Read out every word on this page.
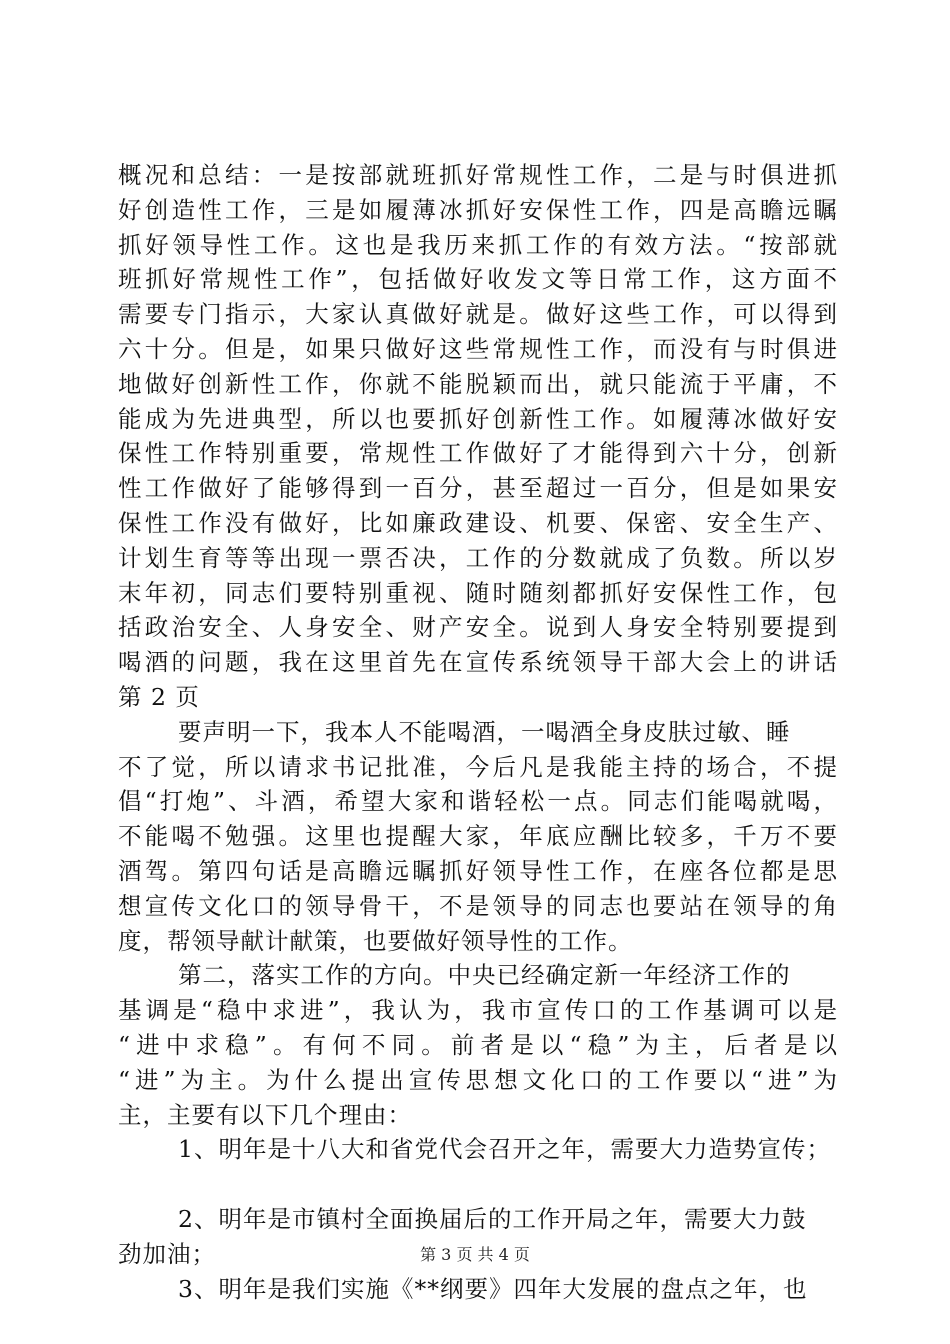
概况和总结：一是按部就班抓好常规性工作，二是与时俱进抓
好创造性工作，三是如履薄冰抓好安保性工作，四是高瞻远瞩
抓好领导性工作。这也是我历来抓工作的有效方法。“按部就
班抓好常规性工作”，包括做好收发文等日常工作，这方面不
需要专门指示，大家认真做好就是。做好这些工作，可以得到
六十分。但是，如果只做好这些常规性工作，而没有与时俱进
地做好创新性工作，你就不能脱颖而出，就只能流于平庸，不
能成为先进典型，所以也要抓好创新性工作。如履薄冰做好安
保性工作特别重要，常规性工作做好了才能得到六十分，创新
性工作做好了能够得到一百分，甚至超过一百分，但是如果安
保性工作没有做好，比如廉政建设、机要、保密、安全生产、
计划生育等等出现一票否决，工作的分数就成了负数。所以岁
末年初，同志们要特别重视、随时随刻都抓好安保性工作，包
括政治安全、人身安全、财产安全。说到人身安全特别要提到
喝酒的问题，我在这里首先在宣传系统领导干部大会上的讲话
第 2 页
要声明一下，我本人不能喝酒，一喝酒全身皮肤过敏、睡
不了觉，所以请求书记批准，今后凡是我能主持的场合，不提
倡“打炮”、斗酒，希望大家和谐轻松一点。同志们能喝就喝，
不能喝不勉强。这里也提醒大家，年底应酬比较多，千万不要
酒驾。第四句话是高瞻远瞩抓好领导性工作，在座各位都是思
想宣传文化口的领导骨干，不是领导的同志也要站在领导的角
度，帮领导献计献策，也要做好领导性的工作。
第二，落实工作的方向。中央已经确定新一年经济工作的
基调是“稳中求进”，我认为，我市宣传口的工作基调可以是
“进中求稳”。有何不同。前者是以“稳”为主，后者是以
“进”为主。为什么提出宣传思想文化口的工作要以“进”为
主，主要有以下几个理由：
1、明年是十八大和省党代会召开之年，需要大力造势宣传；
2、明年是市镇村全面换届后的工作开局之年，需要大力鼓
劲加油；
3、明年是我们实施《**纲要》四年大发展的盘点之年，也
第 3 页 共 4 页
